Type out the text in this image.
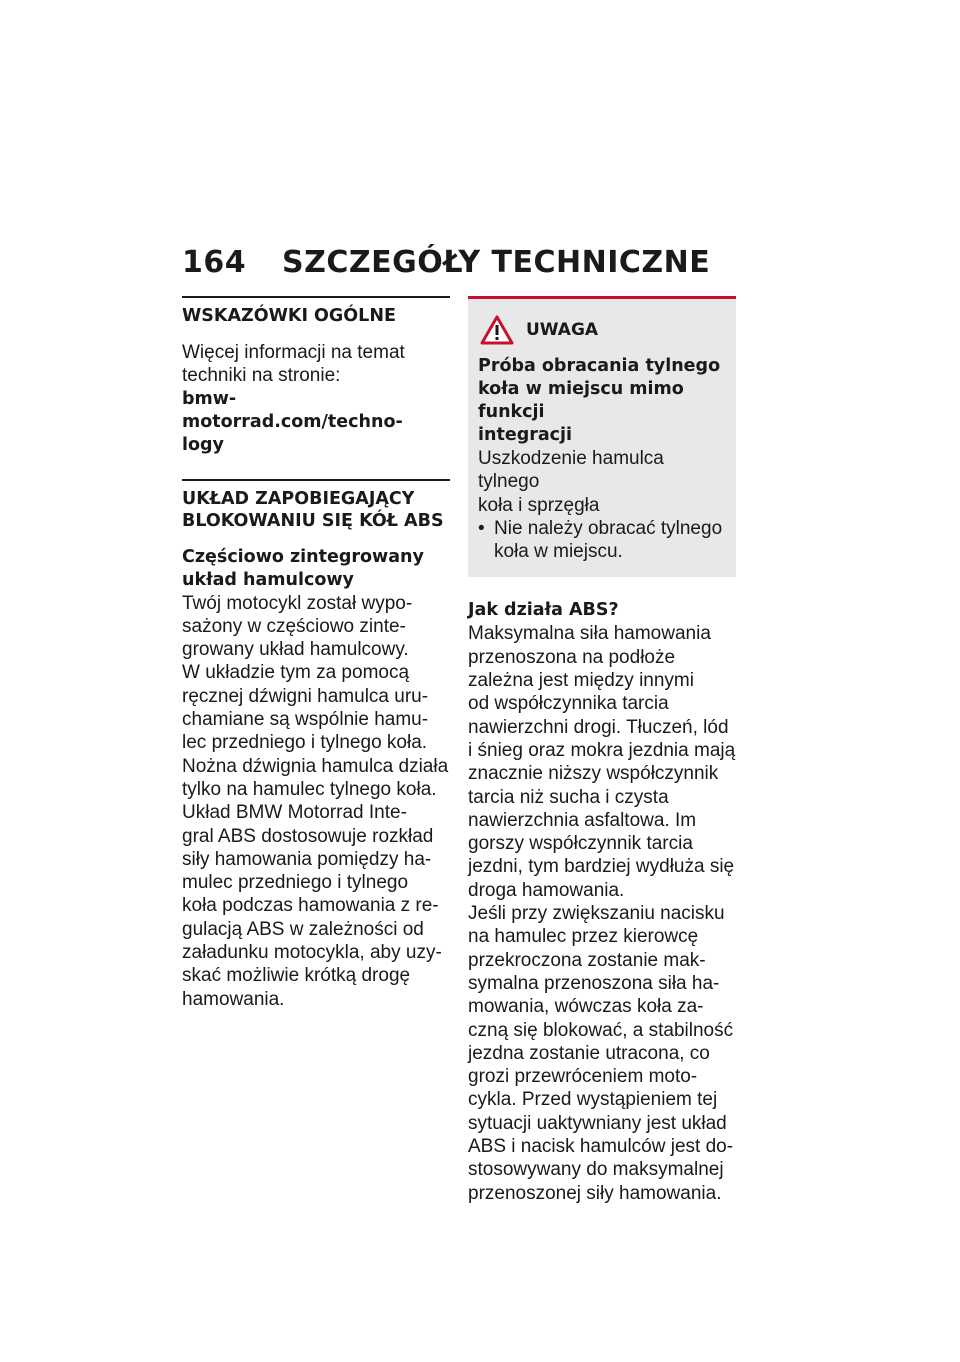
164	SZCZEGÓŁY TECHNICZNE
WSKAZÓWKI OGÓLNE
Więcej informacji na temat
techniki na stronie:
bmw-motorrad.com/techno-
logy
UKŁAD ZAPOBIEGAJĄCY
BLOKOWANIU SIĘ KÓŁ ABS
Częściowo zintegrowany
układ hamulcowy
Twój motocykl został wypo-
sażony w częściowo zinte-
growany układ hamulcowy.
W układzie tym za pomocą
ręcznej dźwigni hamulca uru-
chamiane są wspólnie hamu-
lec przedniego i tylnego koła.
Nożna dźwignia hamulca działa
tylko na hamulec tylnego koła.
Układ BMW Motorrad Inte-
gral ABS dostosowuje rozkład
siły hamowania pomiędzy ha-
mulec przedniego i tylnego
koła podczas hamowania z re-
gulacją ABS w zależności od
załadunku motocykla, aby uzy-
skać możliwie krótką drogę
hamowania.
UWAGA
Próba obracania tylnego
koła w miejscu mimo funkcji
integracji
Uszkodzenie hamulca tylnego
koła i sprzęgła
• Nie należy obracać tylnego
koła w miejscu.
Jak działa ABS?
Maksymalna siła hamowania
przenoszona na podłoże
zależna jest między innymi
od współczynnika tarcia
nawierzchni drogi. Tłuczeń, lód
i śnieg oraz mokra jezdnia mają
znacznie niższy współczynnik
tarcia niż sucha i czysta
nawierzchnia asfaltowa. Im
gorszy współczynnik tarcia
jezdni, tym bardziej wydłuża się
droga hamowania.
Jeśli przy zwiększaniu nacisku
na hamulec przez kierowcę
przekroczona zostanie mak-
symalna przenoszona siła ha-
mowania, wówczas koła za-
czną się blokować, a stabilność
jezdna zostanie utracona, co
grozi przewróceniem moto-
cykla. Przed wystąpieniem tej
sytuacji uaktywniany jest układ
ABS i nacisk hamulców jest do-
stosowywany do maksymalnej
przenoszonej siły hamowania.
